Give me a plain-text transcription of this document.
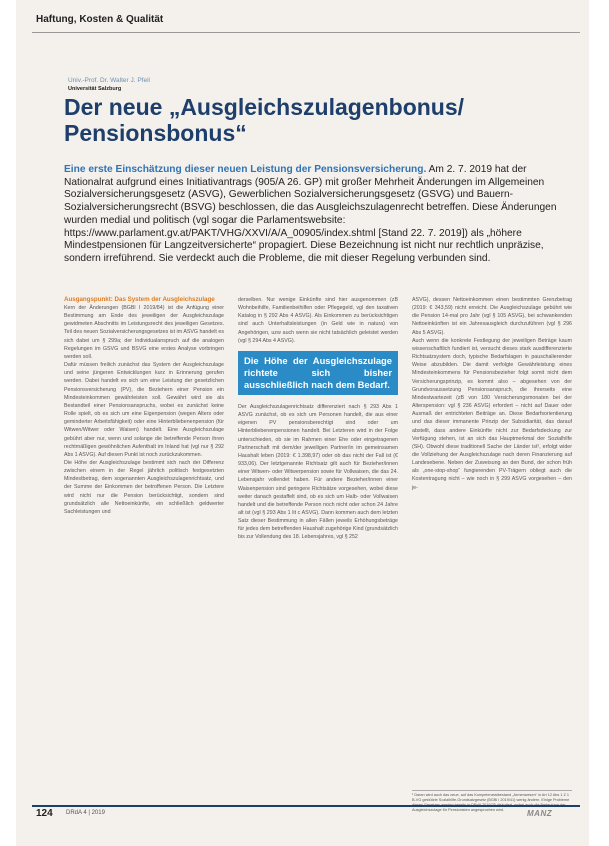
Haftung, Kosten & Qualität
Univ.-Prof. Dr. Walter J. Pfeil
Universität Salzburg
Der neue „Ausgleichszulagenbonus/ Pensionsbonus“
Eine erste Einschätzung dieser neuen Leistung der Pensionsversicherung. Am 2. 7. 2019 hat der Nationalrat aufgrund eines Initiativantrags (905/A 26. GP) mit großer Mehrheit Änderungen im Allgemeinen Sozialversicherungsgesetz (ASVG), Gewerblichen Sozialversicherungsgesetz (GSVG) und Bauern-Sozialversicherungsrecht (BSVG) beschlossen, die das Ausgleichszulagenrecht betreffen. Diese Änderungen wurden medial und politisch (vgl sogar die Parlamentswebsite: https://www.parlament.gv.at/PAKT/VHG/XXVI/A/A_00905/index.shtml [Stand 22. 7. 2019]) als „höhere Mindestpensionen für Langzeitversicherte“ propagiert. Diese Bezeichnung ist nicht nur rechtlich unpräzise, sondern irreführend. Sie verdeckt auch die Probleme, die mit dieser Regelung verbunden sind.
Ausgangspunkt: Das System der Ausgleichszulage

Kern der Änderungen (BGBl I 2019/84) ist die Anfügung einer Bestimmung am Ende des jeweiligen der Ausgleichszulage gewidmeten Abschnitts im Leistungsrecht des jeweiligen Gesetzes. Teil des neuen Sozialversicherungsgesetzes ist im ASVG handelt es sich dabei um § 299a; der Individualanspruch auf die analogen Regelungen im GSVG und BSVG eine erstes Analyse vorbringen werden soll.

Dafür müssen freilich zunächst das System der Ausgleichszulage und seine jüngeren Entwicklungen kurz in Erinnerung gerufen werden. Dabei handelt es sich um eine Leistung der gesetzlichen Pensionsversicherung (PV), die Beziehern einer Pension ein Mindesteinkommen gewährleisten soll. Gewährt wird sie als Bestandteil einer Pensionsanspruchs, wobei es zunächst keine Rolle spielt, ob es sich um eine Eigenpension (wegen Alters oder geminderter Arbeitsfähigkeit) oder eine Hinterbliebenenpension (für Witwen/Witwer oder Waisen) handelt. Eine Ausgleichszulage gebührt aber nur, wenn und solange die betreffende Person ihren rechtmäßigen gewöhnlichen Aufenthalt im Inland hat (vgl nur § 292 Abs 1 ASVG). Auf diesen Punkt ist noch zurückzukommen.

Die Höhe der Ausgleichszulage bestimmt sich nach der Differenz zwischen einem in der Regel jährlich politisch festgesetzten Mindestbetrag, dem sogenannten Ausgleichszulagenrichtsatz, und der Summe der Einkommen der betroffenen Person. Die Letztere wird nicht nur die Pension berücksichtigt, sondern sind grundsätzlich alle Nettoeinkünfte, ein schließlich geldwerter Sachleistungen und

derselben. Nur wenige Einkünfte sind hier ausgenommen (zB Wohnbeihilfe, Familienbeihilfen oder Pflegegeld, vgl den taxativen Katalog in § 292 Abs 4 ASVG). Als Einkommen zu berücksichtigen sind auch Unterhaltsleistungen (in Geld wie in natura) von Angehörigen, uzw auch wenn sie nicht tatsächlich geleistet werden (vgl § 294 Abs 4 ASVG).

Die Höhe der Ausgleichszulage richtete sich bisher ausschließlich nach dem Bedarf.

Der Ausgleichszulagenrichtsatz differenziert nach § 293 Abs 1 ASVG zunächst, ob es sich um Personen handelt, die aus einer eigenen PV pensionsberechtigt sind oder um Hinterbliebenenpensionen handelt. Bei Letzteren wird in der Folge unterschieden, ob sie im Rahmen einer Ehe oder eingetragenen Partnerschaft mit dem/der jeweiligen Partner/in im gemeinsamen Haushalt leben (2019: € 1.398,97) oder ob das nicht der Fall ist (€ 933,06). Der letztgenannte Richtsatz gilt auch für Bezieher/innen einer Witwen- oder Witwerpension sowie für Vollwaisen, die das 24. Lebensjahr vollendet haben. Für andere Bezieher/innen einer Waisenpension sind geringere Richtsätze vorgesehen, wobei diese weiter danach gestaffelt sind, ob es sich um Halb- oder Vollwaisen handelt und die betreffende Person noch nicht oder schon 24 Jahre alt ist (vgl § 293 Abs 1 lit c ASVG). Dann kommen auch dem letzten Satz dieser Bestimmung in allen Fällen jeweils Erhöhungsbeträge für jedes dem betreffenden Haushalt zugehörige Kind (grundsätzlich bis zur Vollendung des 18. Lebensjahres, vgl § 252

ASVG), dessen Nettoeinkommen einen bestimmten Grenzbetrag (2019: € 343,59) nicht erreicht. Die Ausgleichszulage gebührt wie die Pension 14-mal pro Jahr (vgl § 105 ASVG), bei schwankenden Nettoeinkünften ist ein Jahresausgleich durchzuführen (vgl § 296 Abs 5 ASVG).

Auch wenn die konkrete Festlegung der jeweiligen Beträge kaum wissenschaftlich fundiert ist, versucht dieses stark ausdifferenzierte Richtsatzsystem doch, typische Bedarfslagen in pauschalierender Weise abzubilden. Die damit verfolgte Gewährleistung eines Mindesteinkommens für Pensionsbezieher folgt somit nicht dem Versicherungsprinzip, es kommt also – abgesehen von der Grundvoraussetzung Pensionsanspruch, die ihrerseits eine Mindestwartezeit (zB von 180 Versicherungsmonaten bei der Alterspension: vgl § 236 ASVG) erfordert – nicht auf Dauer oder Ausmaß der entrichteten Beiträge an. Diese Bedarfsorientierung und das dieser immanente Prinzip der Subsidiarität, das darauf abstellt, dass andere Einkünfte nicht zur Bedarfsdeckung zur Verfügung stehen, ist an sich das Hauptmerkmal der Sozialhilfe (SH). Obwohl diese traditionell Sache der Länder ist¹, erfolgt wider die Vollziehung der Ausgleichszulage nach deren Finanzierung auf Landesebene. Neben der Zuweisung an den Bund, der schon früh als „one-stop-shop“ fungierenden PV-Trägern obliegt auch die Kostentragung nicht – wie noch in § 299 ASVG vorgesehen – den je-

¹ Daran wird auch das neue, auf das Kompetenztatbestand „Armenwesen“ in Art 12 Abs 1 Z 1 B-VG gestützte Sozialhilfe-Grundsatzgesetz (BGBl I 2019/41) wenig ändern. Einige Probleme dieses Gesetzes werden bereits in DRdA 2019/25 diskutiert, wobei auch die Bedeutung der Ausgleichszulage für Pensionisten angesprochen wird.
124 DRdA 4 | 2019	MANZ
